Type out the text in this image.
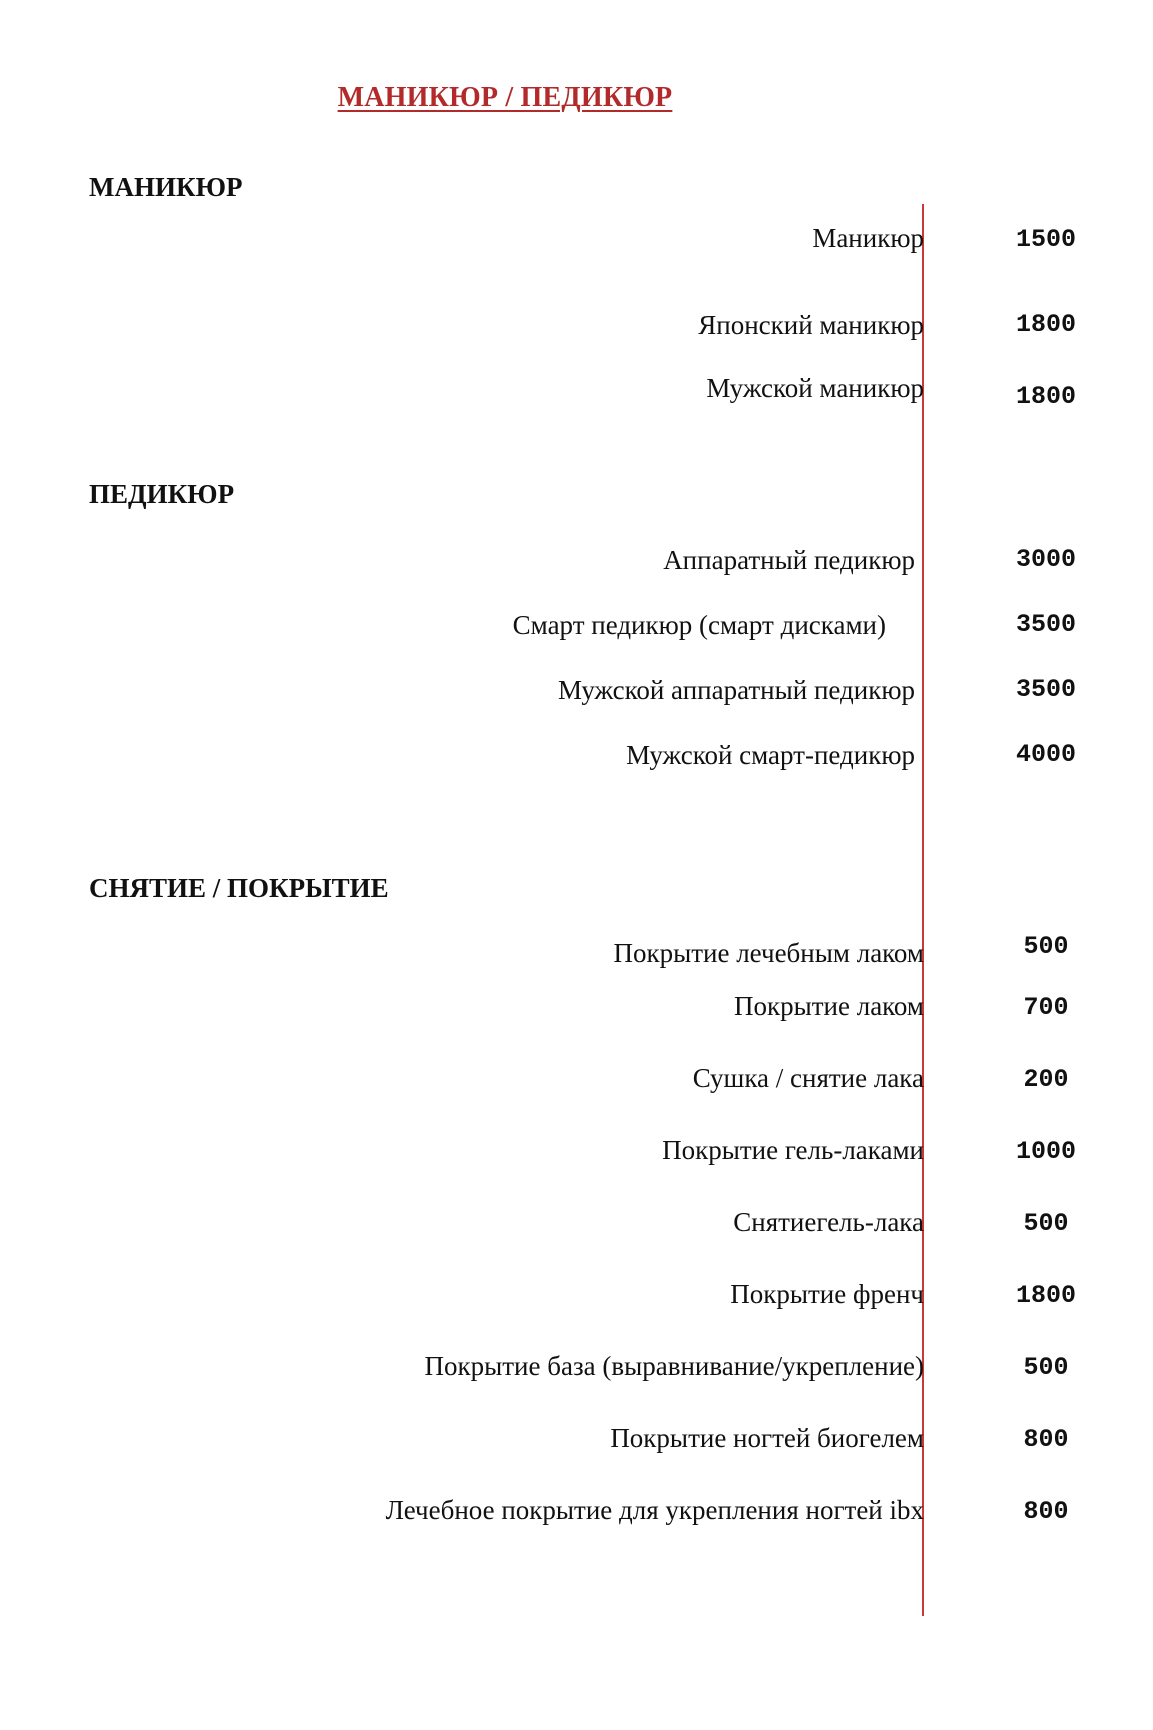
МАНИКЮР / ПЕДИКЮР
МАНИКЮР
Маникюр	1500
Японский маникюр	1800
Мужской маникюр	1800
ПЕДИКЮР
Аппаратный педикюр	3000
Смарт педикюр (смарт дисками)	3500
Мужской аппаратный педикюр	3500
Мужской смарт-педикюр	4000
СНЯТИЕ / ПОКРЫТИЕ
Покрытие лечебным лаком	500
Покрытие лаком	700
Сушка / снятие лака	200
Покрытие гель-лаками	1000
Снятиегель-лака	500
Покрытие френч	1800
Покрытие база (выравнивание/укрепление)	500
Покрытие ногтей биогелем	800
Лечебное покрытие для укрепления ногтей ibx	800
